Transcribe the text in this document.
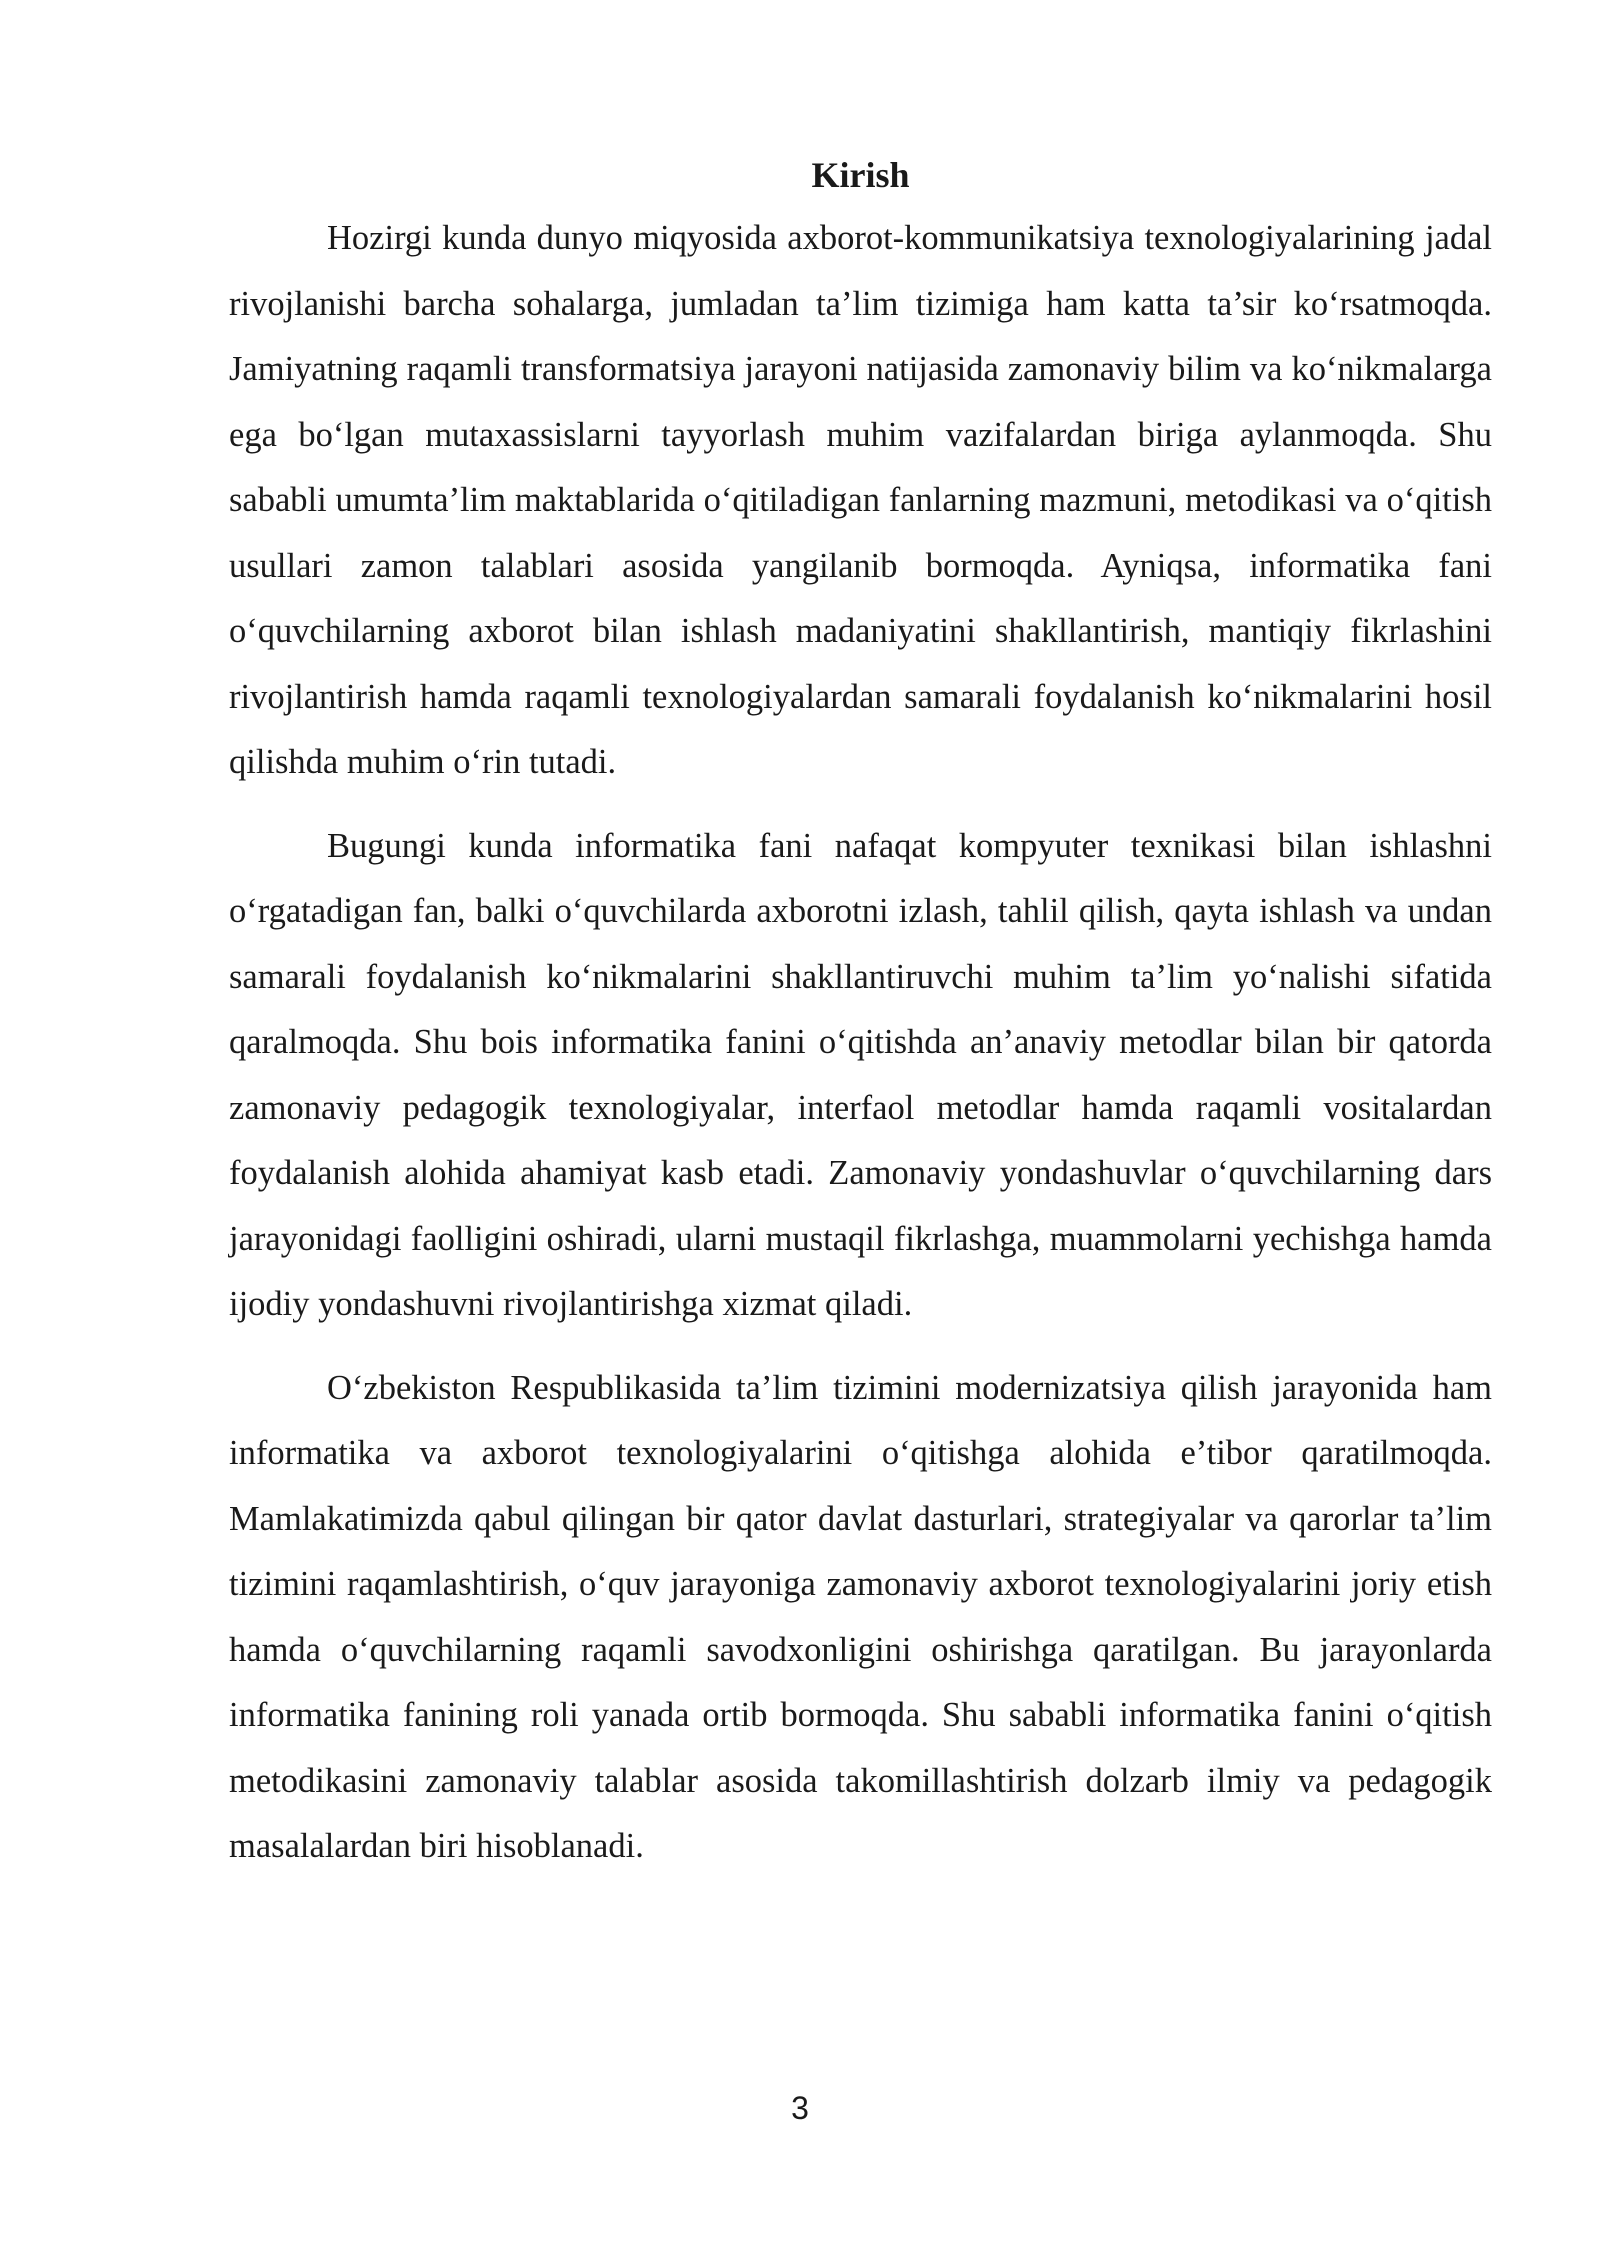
Kirish

Hozirgi kunda dunyo miqyosida axborot-kommunikatsiya texnologiyalarining jadal rivojlanishi barcha sohalarga, jumladan ta’lim tizimiga ham katta ta’sir ko‘rsatmoqda. Jamiyatning raqamli transformatsiya jarayoni natijasida zamonaviy bilim va ko‘nikmalarga ega bo‘lgan mutaxassislarni tayyorlash muhim vazifalardan biriga aylanmoqda. Shu sababli umumta’lim maktablarida o‘qitiladigan fanlarning mazmuni, metodikasi va o‘qitish usullari zamon talablari asosida yangilanib bormoqda. Ayniqsa, informatika fani o‘quvchilarning axborot bilan ishlash madaniyatini shakllantirish, mantiqiy fikrlashini rivojlantirish hamda raqamli texnologiyalardan samarali foydalanish ko‘nikmalarini hosil qilishda muhim o‘rin tutadi.

Bugungi kunda informatika fani nafaqat kompyuter texnikasi bilan ishlashni o‘rgatadigan fan, balki o‘quvchilarda axborotni izlash, tahlil qilish, qayta ishlash va undan samarali foydalanish ko‘nikmalarini shakllantiruvchi muhim ta’lim yo‘nalishi sifatida qaralmoqda. Shu bois informatika fanini o‘qitishda an’anaviy metodlar bilan bir qatorda zamonaviy pedagogik texnologiyalar, interfaol metodlar hamda raqamli vositalardan foydalanish alohida ahamiyat kasb etadi. Zamonaviy yondashuvlar o‘quvchilarning dars jarayonidagi faolligini oshiradi, ularni mustaqil fikrlashga, muammolarni yechishga hamda ijodiy yondashuvni rivojlantirishga xizmat qiladi.

O‘zbekiston Respublikasida ta’lim tizimini modernizatsiya qilish jarayonida ham informatika va axborot texnologiyalarini o‘qitishga alohida e’tibor qaratilmoqda. Mamlakatimizda qabul qilingan bir qator davlat dasturlari, strategiyalar va qarorlar ta’lim tizimini raqamlashtirish, o‘quv jarayoniga zamonaviy axborot texnologiyalarini joriy etish hamda o‘quvchilarning raqamli savodxonligini oshirishga qaratilgan. Bu jarayonlarda informatika fanining roli yanada ortib bormoqda. Shu sababli informatika fanini o‘qitish metodikasini zamonaviy talablar asosida takomillashtirish dolzarb ilmiy va pedagogik masalalardan biri hisoblanadi.

3
